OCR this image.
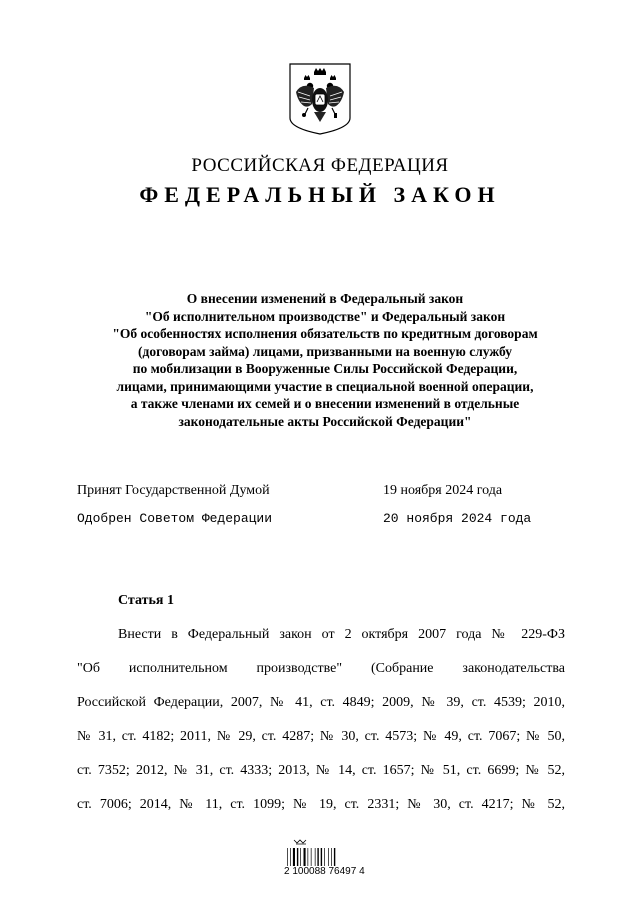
РОССИЙСКАЯ ФЕДЕРАЦИЯ
ФЕДЕРАЛЬНЫЙ ЗАКОН
О внесении изменений в Федеральный закон
"Об исполнительном производстве" и Федеральный закон
"Об особенностях исполнения обязательств по кредитным договорам
(договорам займа) лицами, призванными на военную службу
по мобилизации в Вооруженные Силы Российской Федерации,
лицами, принимающими участие в специальной военной операции,
а также членами их семей и о внесении изменений в отдельные
законодательные акты Российской Федерации"
Принят Государственной Думой	19 ноября 2024 года
Одобрен Советом Федерации	20 ноября 2024 года
Статья 1
Внести в Федеральный закон от 2 октября 2007 года № 229-ФЗ
"Об исполнительном производстве" (Собрание законодательства
Российской Федерации, 2007, № 41, ст. 4849; 2009, № 39, ст. 4539; 2010,
№ 31, ст. 4182; 2011, № 29, ст. 4287; № 30, ст. 4573; № 49, ст. 7067; № 50,
ст. 7352; 2012, № 31, ст. 4333; 2013, № 14, ст. 1657; № 51, ст. 6699; № 52,
ст. 7006; 2014, № 11, ст. 1099; № 19, ст. 2331; № 30, ст. 4217; № 52,
2 100088 76497 4
